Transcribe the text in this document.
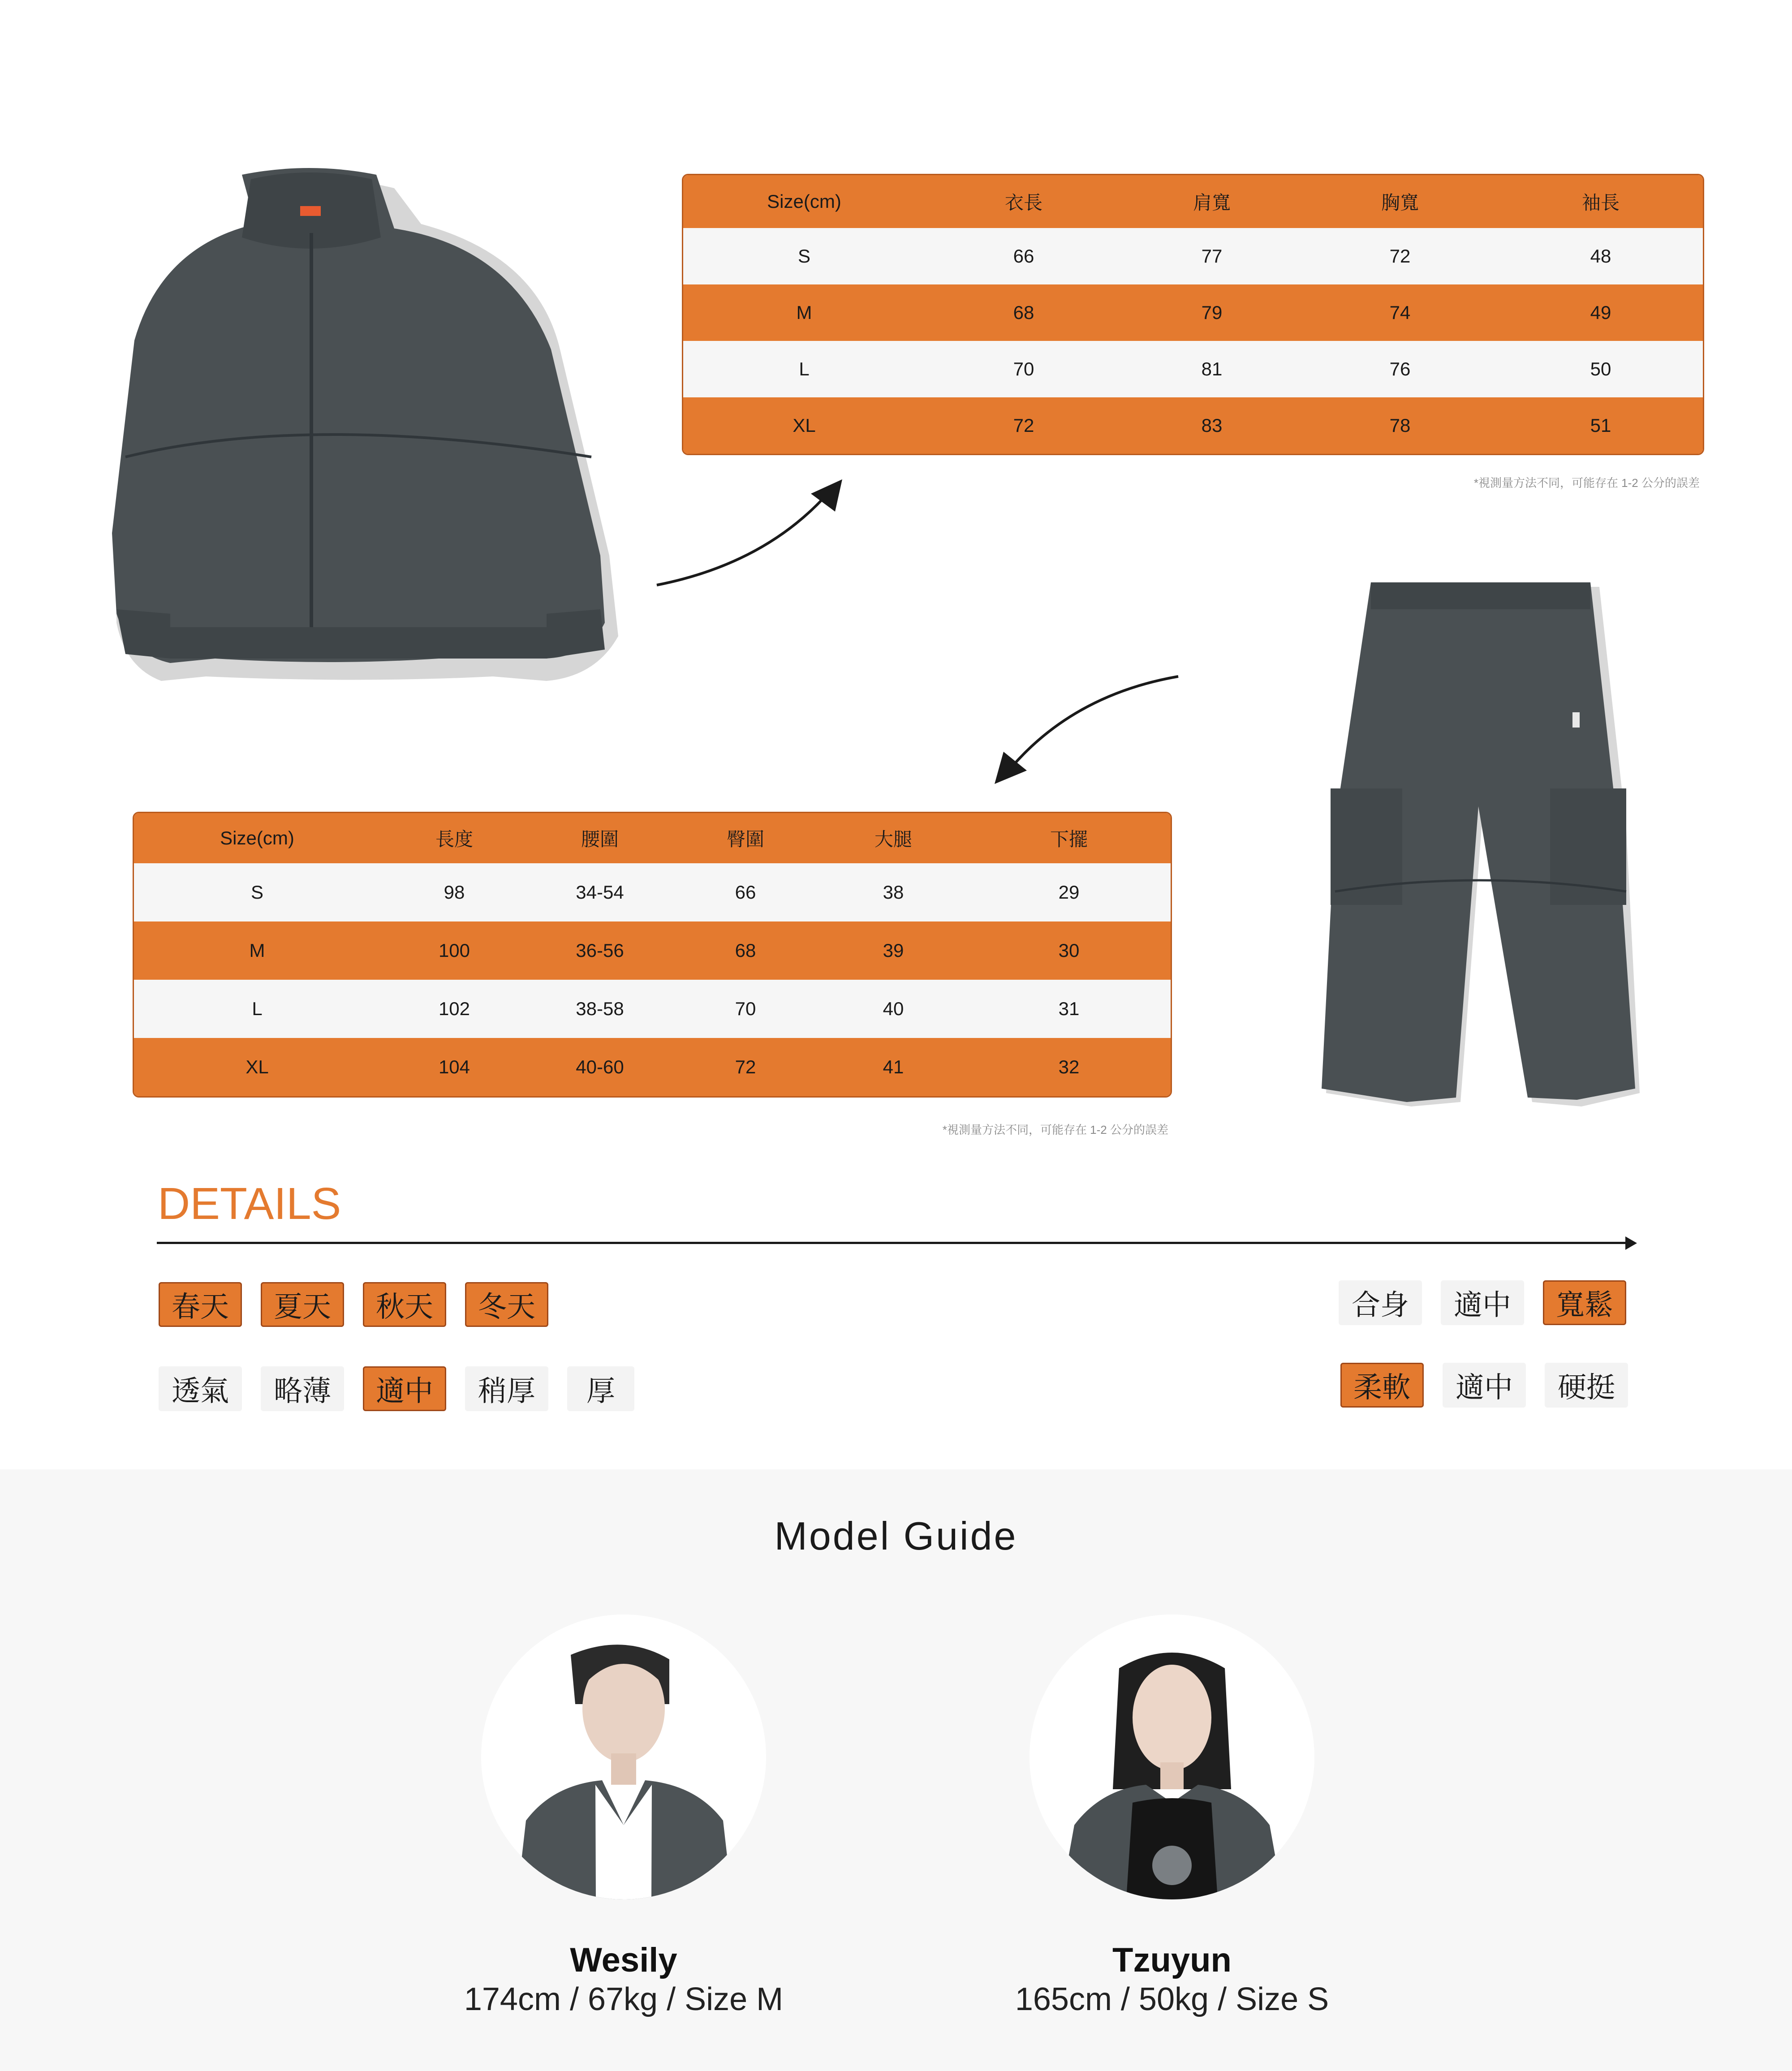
Size(cm)	衣長	肩寬	胸寬	袖長
S	66	77	72	48
M	68	79	74	49
L	70	81	76	50
XL	72	83	78	51
*視測量方法不同，可能存在 1-2 公分的誤差
Size(cm)	長度	腰圍	臀圍	大腿	下擺
S	98	34-54	66	38	29
M	100	36-56	68	39	30
L	102	38-58	70	40	31
XL	104	40-60	72	41	32
*視測量方法不同，可能存在 1-2 公分的誤差
DETAILS
春天	夏天	秋天	冬天	合身	適中	寬鬆
透氣	略薄	適中	稍厚	厚	柔軟	適中	硬挺
Model Guide
Wesily
174cm / 67kg / Size M
Tzuyun
165cm / 50kg / Size S
